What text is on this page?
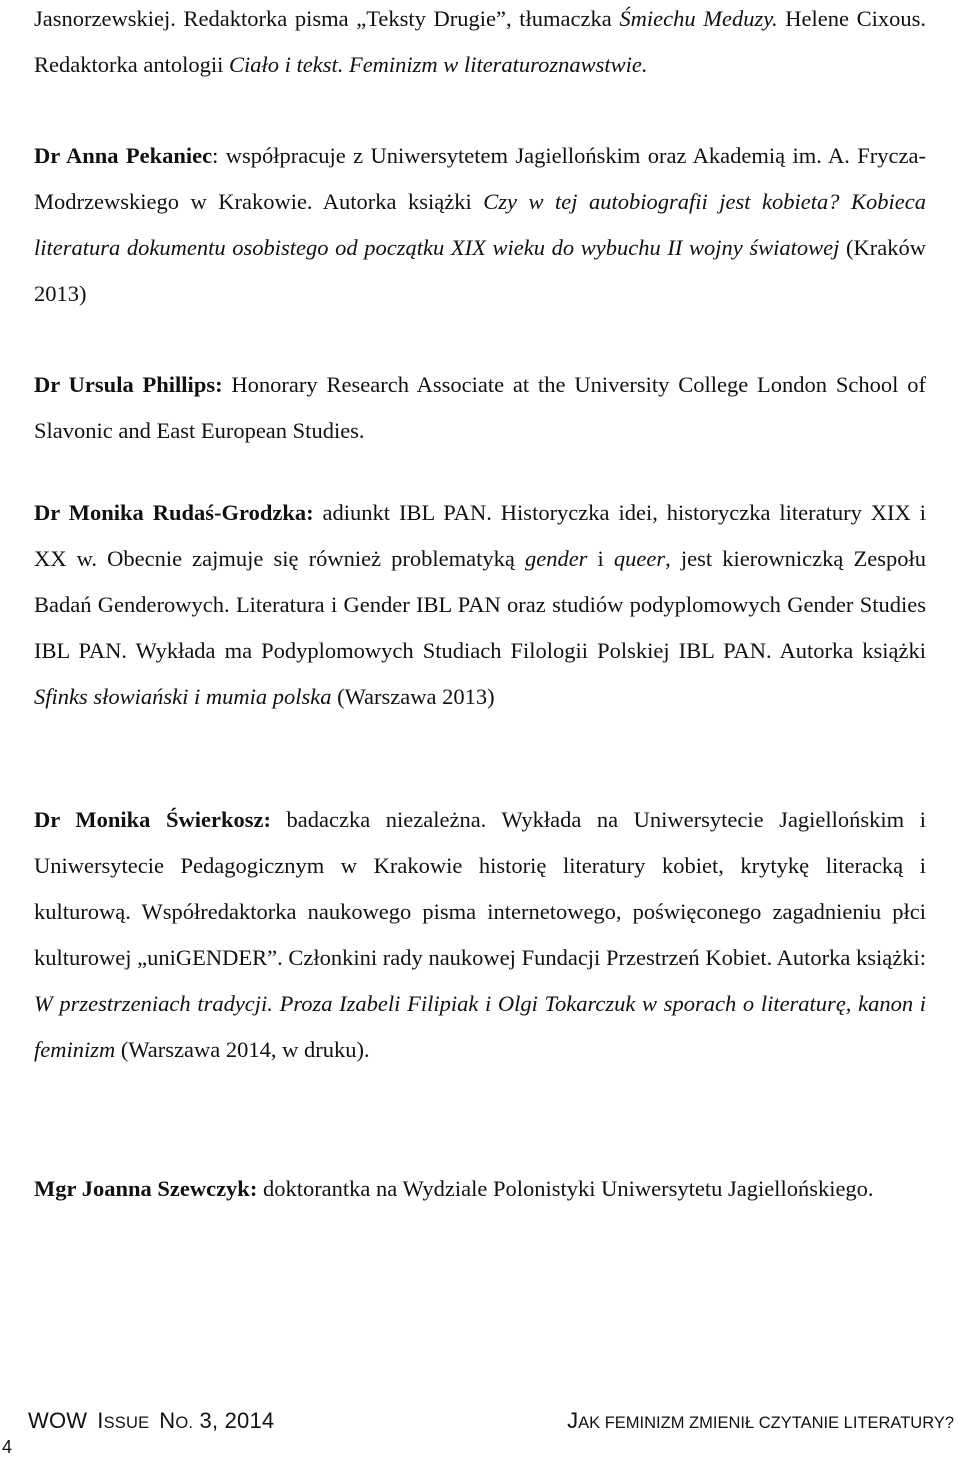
Jasnorzewskiej. Redaktorka pisma „Teksty Drugie”, tłumaczka Śmiechu Meduzy. Helene Cixous. Redaktorka antologii Ciało i tekst. Feminizm w literaturoznawstwie.

Dr Anna Pekaniec: współpracuje z Uniwersytetem Jagiellońskim oraz Akademią im. A. Frycza-Modrzewskiego w Krakowie. Autorka książki Czy w tej autobiografii jest kobieta? Kobieca literatura dokumentu osobistego od początku XIX wieku do wybuchu II wojny światowej (Kraków 2013)

Dr Ursula Phillips: Honorary Research Associate at the University College London School of Slavonic and East European Studies.

Dr Monika Rudaś-Grodzka: adiunkt IBL PAN. Historyczka idei, historyczka literatury XIX i XX w. Obecnie zajmuje się również problematyką gender i queer, jest kierowniczką Zespołu Badań Genderowych. Literatura i Gender IBL PAN oraz studiów podyplomowych Gender Studies IBL PAN. Wykłada ma Podyplomowych Studiach Filologii Polskiej IBL PAN. Autorka książki Sfinks słowiański i mumia polska (Warszawa 2013)

Dr Monika Świerkosz: badaczka niezależna. Wykłada na Uniwersytecie Jagiellońskim i Uniwersytecie Pedagogicznym w Krakowie historię literatury kobiet, krytykę literacką i kulturową. Współredaktorka naukowego pisma internetowego, poświęconego zagadnieniu płci kulturowej „uniGENDER”. Członkini rady naukowej Fundacji Przestrzeń Kobiet. Autorka książki: W przestrzeniach tradycji. Proza Izabeli Filipiak i Olgi Tokarczuk w sporach o literaturę, kanon i feminizm (Warszawa 2014, w druku).

Mgr Joanna Szewczyk: doktorantka na Wydziale Polonistyki Uniwersytetu Jagiellońskiego.

WOW ISSUE NO. 3, 2014	JAK FEMINIZM ZMIENIŁ CZYTANIE LITERATURY?
4
